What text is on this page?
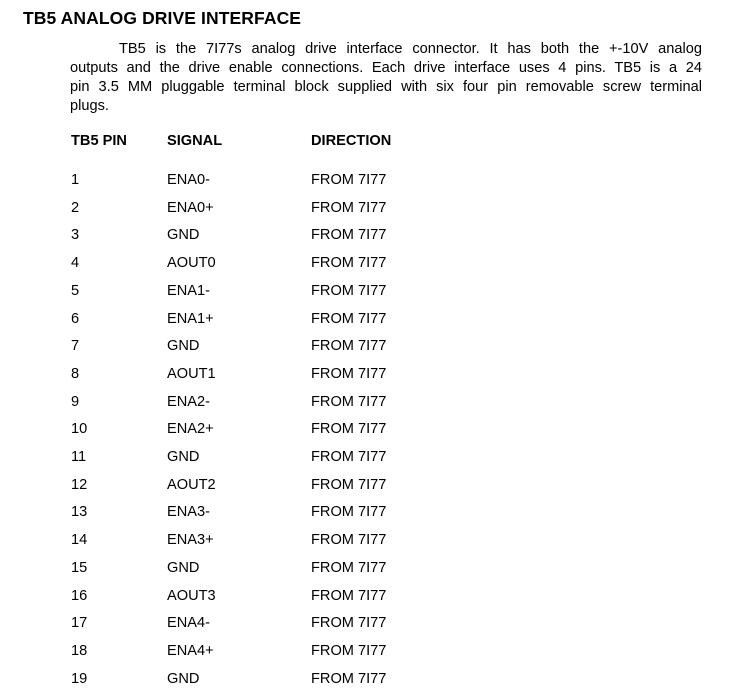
TB5 ANALOG DRIVE INTERFACE
TB5 is the 7I77s analog drive interface connector. It has both the +-10V analog
outputs and the drive enable connections. Each drive interface uses 4 pins. TB5 is a 24
pin 3.5 MM pluggable terminal block supplied with six four pin removable screw terminal
plugs.
TB5 PIN	SIGNAL	DIRECTION
1	ENA0-	FROM 7I77
2	ENA0+	FROM 7I77
3	GND	FROM 7I77
4	AOUT0	FROM 7I77
5	ENA1-	FROM 7I77
6	ENA1+	FROM 7I77
7	GND	FROM 7I77
8	AOUT1	FROM 7I77
9	ENA2-	FROM 7I77
10	ENA2+	FROM 7I77
11	GND	FROM 7I77
12	AOUT2	FROM 7I77
13	ENA3-	FROM 7I77
14	ENA3+	FROM 7I77
15	GND	FROM 7I77
16	AOUT3	FROM 7I77
17	ENA4-	FROM 7I77
18	ENA4+	FROM 7I77
19	GND	FROM 7I77
